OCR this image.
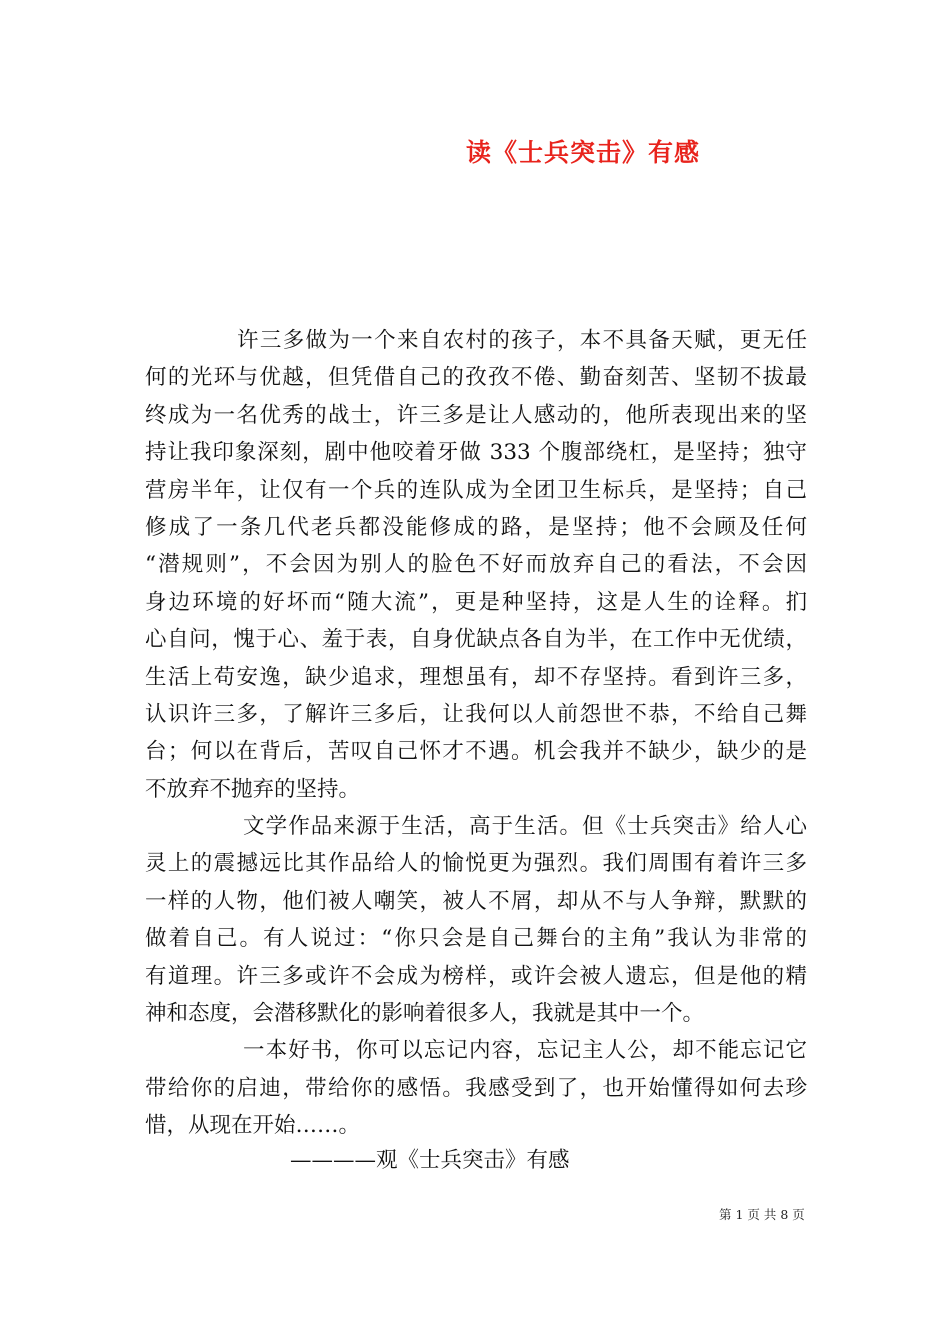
读《士兵突击》有感
许三多做为一个来自农村的孩子，本不具备天赋，更无任
何的光环与优越，但凭借自己的孜孜不倦、勤奋刻苦、坚韧不拔最
终成为一名优秀的战士，许三多是让人感动的，他所表现出来的坚
持让我印象深刻，剧中他咬着牙做 333 个腹部绕杠，是坚持；独守
营房半年，让仅有一个兵的连队成为全团卫生标兵，是坚持；自己
修成了一条几代老兵都没能修成的路，是坚持；他不会顾及任何
“潜规则”，不会因为别人的脸色不好而放弃自己的看法，不会因
身边环境的好坏而“随大流”，更是种坚持，这是人生的诠释。扪
心自问，愧于心、羞于表，自身优缺点各自为半，在工作中无优绩，
生活上苟安逸，缺少追求，理想虽有，却不存坚持。看到许三多，
认识许三多，了解许三多后，让我何以人前怨世不恭，不给自己舞
台；何以在背后，苦叹自己怀才不遇。机会我并不缺少，缺少的是
不放弃不抛弃的坚持。
文学作品来源于生活，高于生活。但《士兵突击》给人心
灵上的震撼远比其作品给人的愉悦更为强烈。我们周围有着许三多
一样的人物，他们被人嘲笑，被人不屑，却从不与人争辩，默默的
做着自己。有人说过：“你只会是自己舞台的主角”我认为非常的
有道理。许三多或许不会成为榜样，或许会被人遗忘，但是他的精
神和态度，会潜移默化的影响着很多人，我就是其中一个。
一本好书，你可以忘记内容，忘记主人公，却不能忘记它
带给你的启迪，带给你的感悟。我感受到了，也开始懂得如何去珍
惜，从现在开始……。
————观《士兵突击》有感
第 1 页 共 8 页
